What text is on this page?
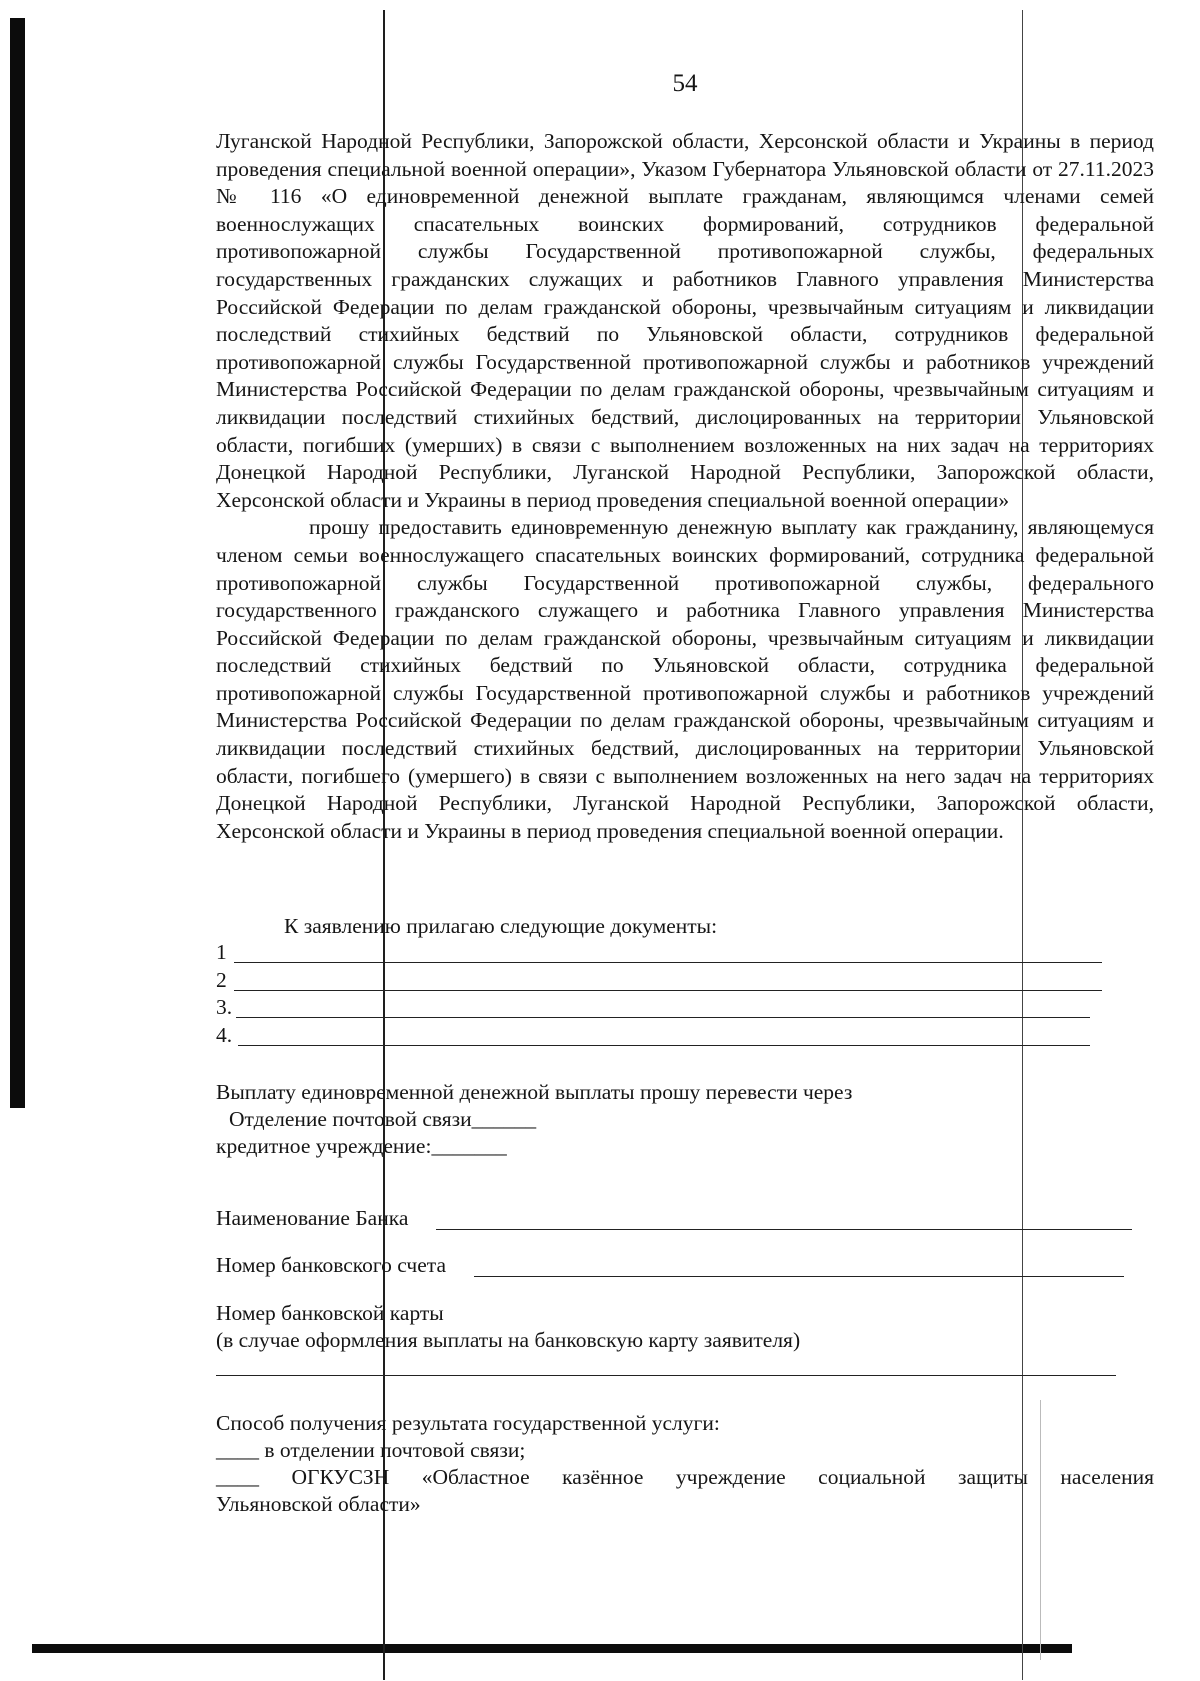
54

Луганской Народной Республики, Запорожской области, Херсонской области и Украины в период проведения специальной военной операции», Указом Губернатора Ульяновской области от 27.11.2023 № 116 «О единовременной денежной выплате гражданам, являющимся членами семей военнослужащих спасательных воинских формирований, сотрудников федеральной противопожарной службы Государственной противопожарной службы, федеральных государственных гражданских служащих и работников Главного управления Министерства Российской Федерации по делам гражданской обороны, чрезвычайным ситуациям и ликвидации последствий стихийных бедствий по Ульяновской области, сотрудников федеральной противопожарной службы Государственной противопожарной службы и работников учреждений Министерства Российской Федерации по делам гражданской обороны, чрезвычайным ситуациям и ликвидации последствий стихийных бедствий, дислоцированных на территории Ульяновской области, погибших (умерших) в связи с выполнением возложенных на них задач на территориях Донецкой Народной Республики, Луганской Народной Республики, Запорожской области, Херсонской области и Украины в период проведения специальной военной операции»

прошу предоставить единовременную денежную выплату как гражданину, являющемуся членом семьи военнослужащего спасательных воинских формирований, сотрудника федеральной противопожарной службы Государственной противопожарной службы, федерального государственного гражданского служащего и работника Главного управления Министерства Российской Федерации по делам гражданской обороны, чрезвычайным ситуациям и ликвидации последствий стихийных бедствий по Ульяновской области, сотрудника федеральной противопожарной службы Государственной противопожарной службы и работников учреждений Министерства Российской Федерации по делам гражданской обороны, чрезвычайным ситуациям и ликвидации последствий стихийных бедствий, дислоцированных на территории Ульяновской области, погибшего (умершего) в связи с выполнением возложенных на него задач на территориях Донецкой Народной Республики, Луганской Народной Республики, Запорожской области, Херсонской области и Украины в период проведения специальной военной операции.

К заявлению прилагаю следующие документы:
1
2
3.
4.
Выплату единовременной денежной выплаты прошу перевести через
Отделение почтовой связи______
кредитное учреждение:_______
Наименование Банка
Номер банковского счета
Номер банковской карты
(в случае оформления выплаты на банковскую карту заявителя)
Способ получения результата государственной услуги:
____ в отделении почтовой связи;
____  ОГКУСЗН  «Областное  казённое  учреждение  социальной  защиты  населения
Ульяновской области»
